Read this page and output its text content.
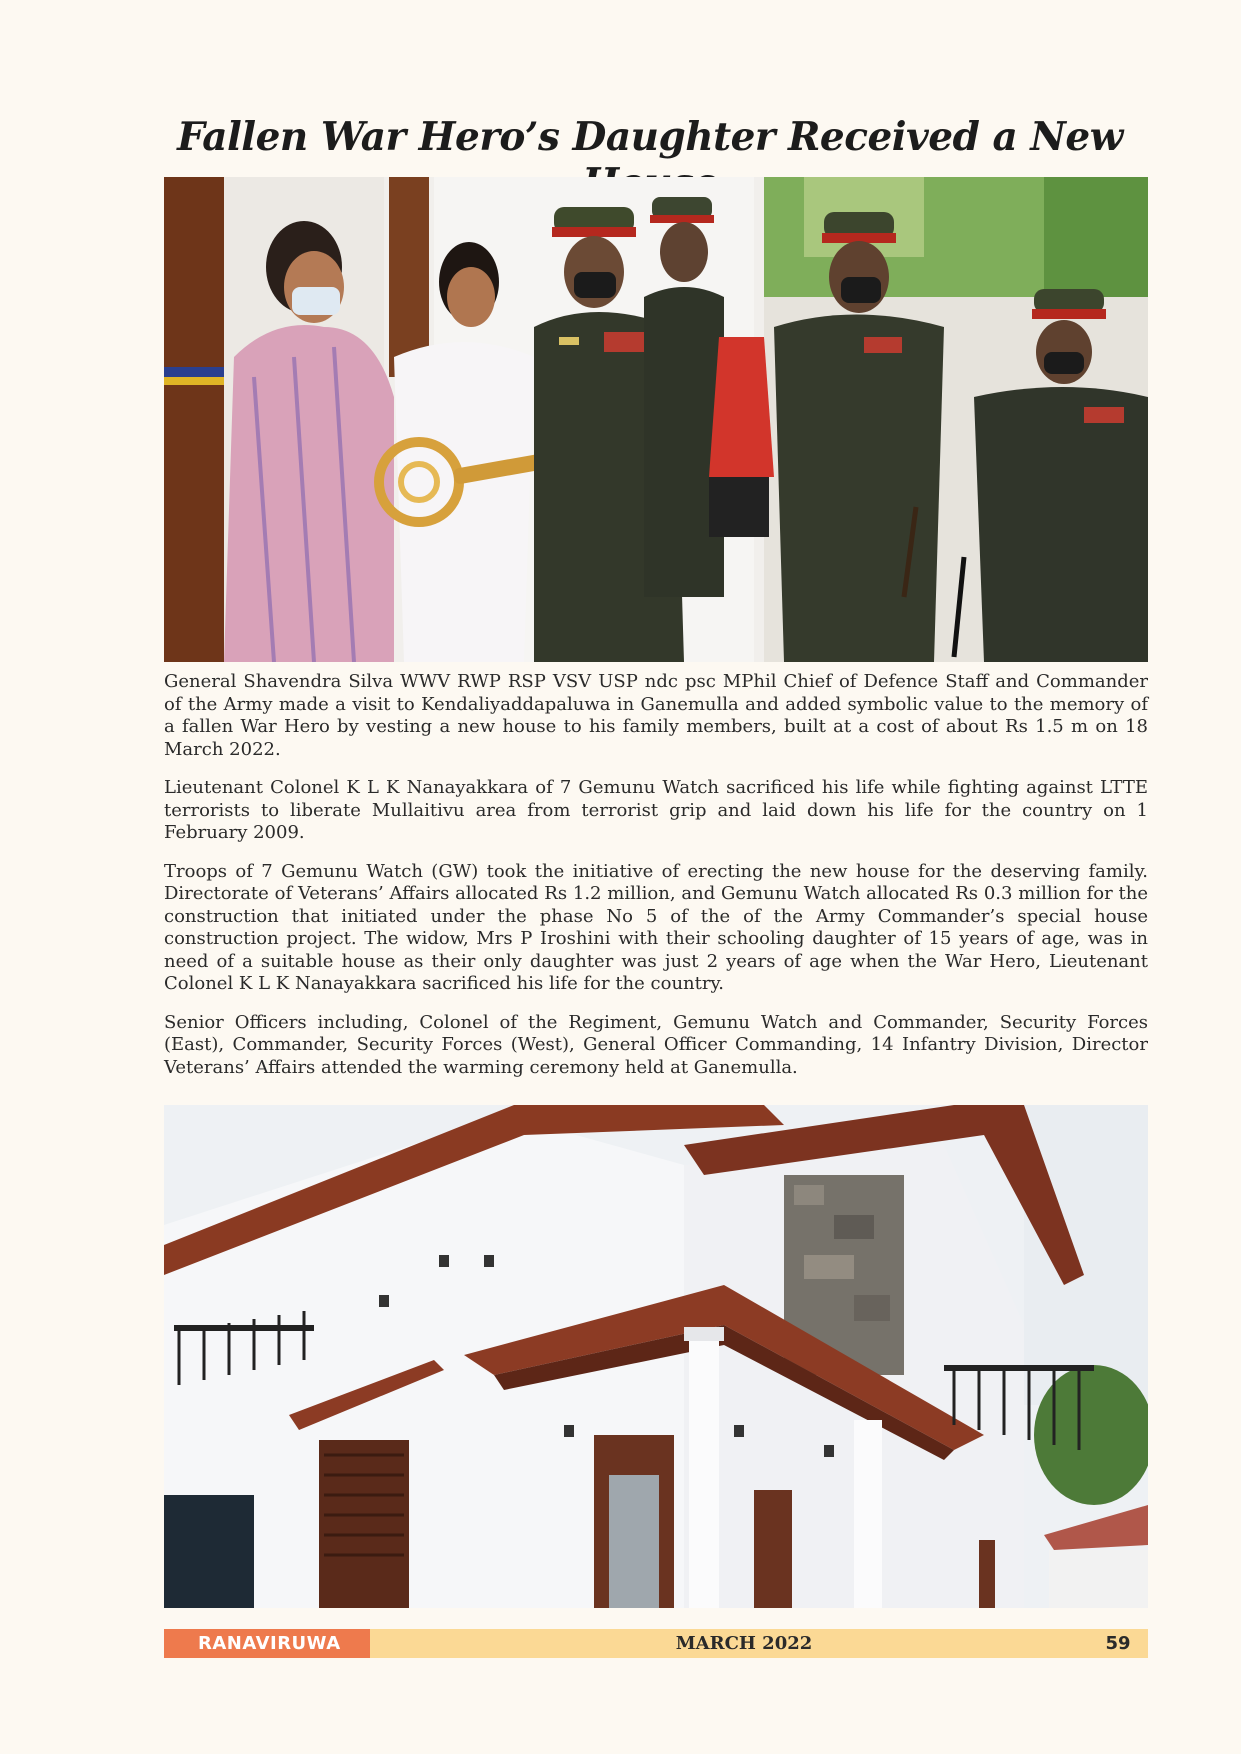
Fallen War Hero’s Daughter Received a New

General Shavendra Silva WWV RWP RSP VSV USP ndc psc MPhil Chief of Defence Staff and Commander of the Army made a visit to Kendaliyaddapaluwa in Ganemulla and added symbolic value to the memory of a fallen War Hero by vesting a new house to his family members, built at a cost of about Rs 1.5 m on 18 March 2022.

Lieutenant Colonel K L K Nanayakkara of 7 Gemunu Watch sacrificed his life while fighting against LTTE terrorists to liberate Mullaitivu area from terrorist grip and laid down his life for the country on 1 February 2009.

Troops of 7 Gemunu Watch (GW) took the initiative of erecting the new house for the deserving family. Directorate of Veterans’ Affairs allocated Rs 1.2 million, and Gemunu Watch allocated Rs 0.3 million for the construction that initiated under the phase No 5 of the of the Army Commander’s special house construction project. The widow, Mrs P Iroshini with their schooling daughter of 15 years of age, was in need of a suitable house as their only daughter was just 2 years of age when the War Hero, Lieutenant Colonel K L K Nanayakkara sacrificed his life for the country.

Senior Officers including, Colonel of the Regiment, Gemunu Watch and Commander, Security Forces (East), Commander, Security Forces (West), General Officer Commanding, 14 Infantry Division, Director Veterans’ Affairs attended the warming ceremony held at Ganemulla.

RANAVIRUWA	MARCH 2022	59
